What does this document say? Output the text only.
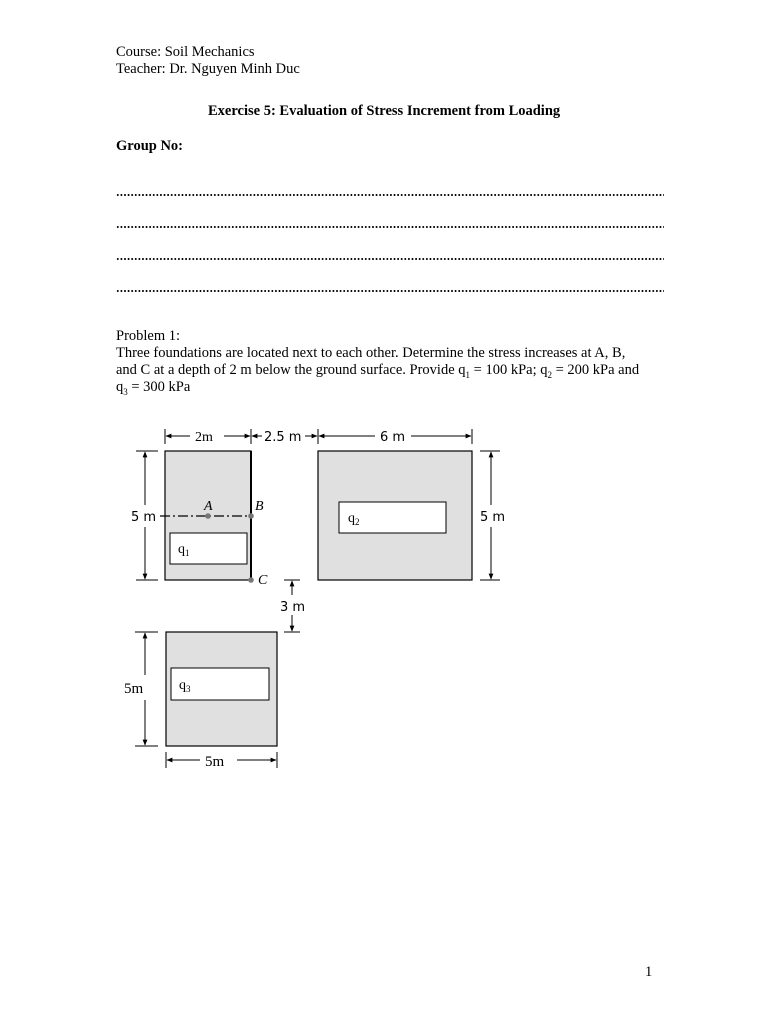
Course: Soil Mechanics
Teacher: Dr. Nguyen Minh Duc
Exercise 5: Evaluation of Stress Increment from Loading
Group No:
Problem 1:
Three foundations are located next to each other. Determine the stress increases at A, B,
and C at a depth of 2 m below the ground surface. Provide $q_1 = 100$ kPa; $q_2 = 200$ kPa and
$q_3 = 300$ kPa
$q_1$
A	B
C
$q_2$
$q_3$
2m	2.5 m	6 m
5 m	5 m
3 m
5m
5m
1
